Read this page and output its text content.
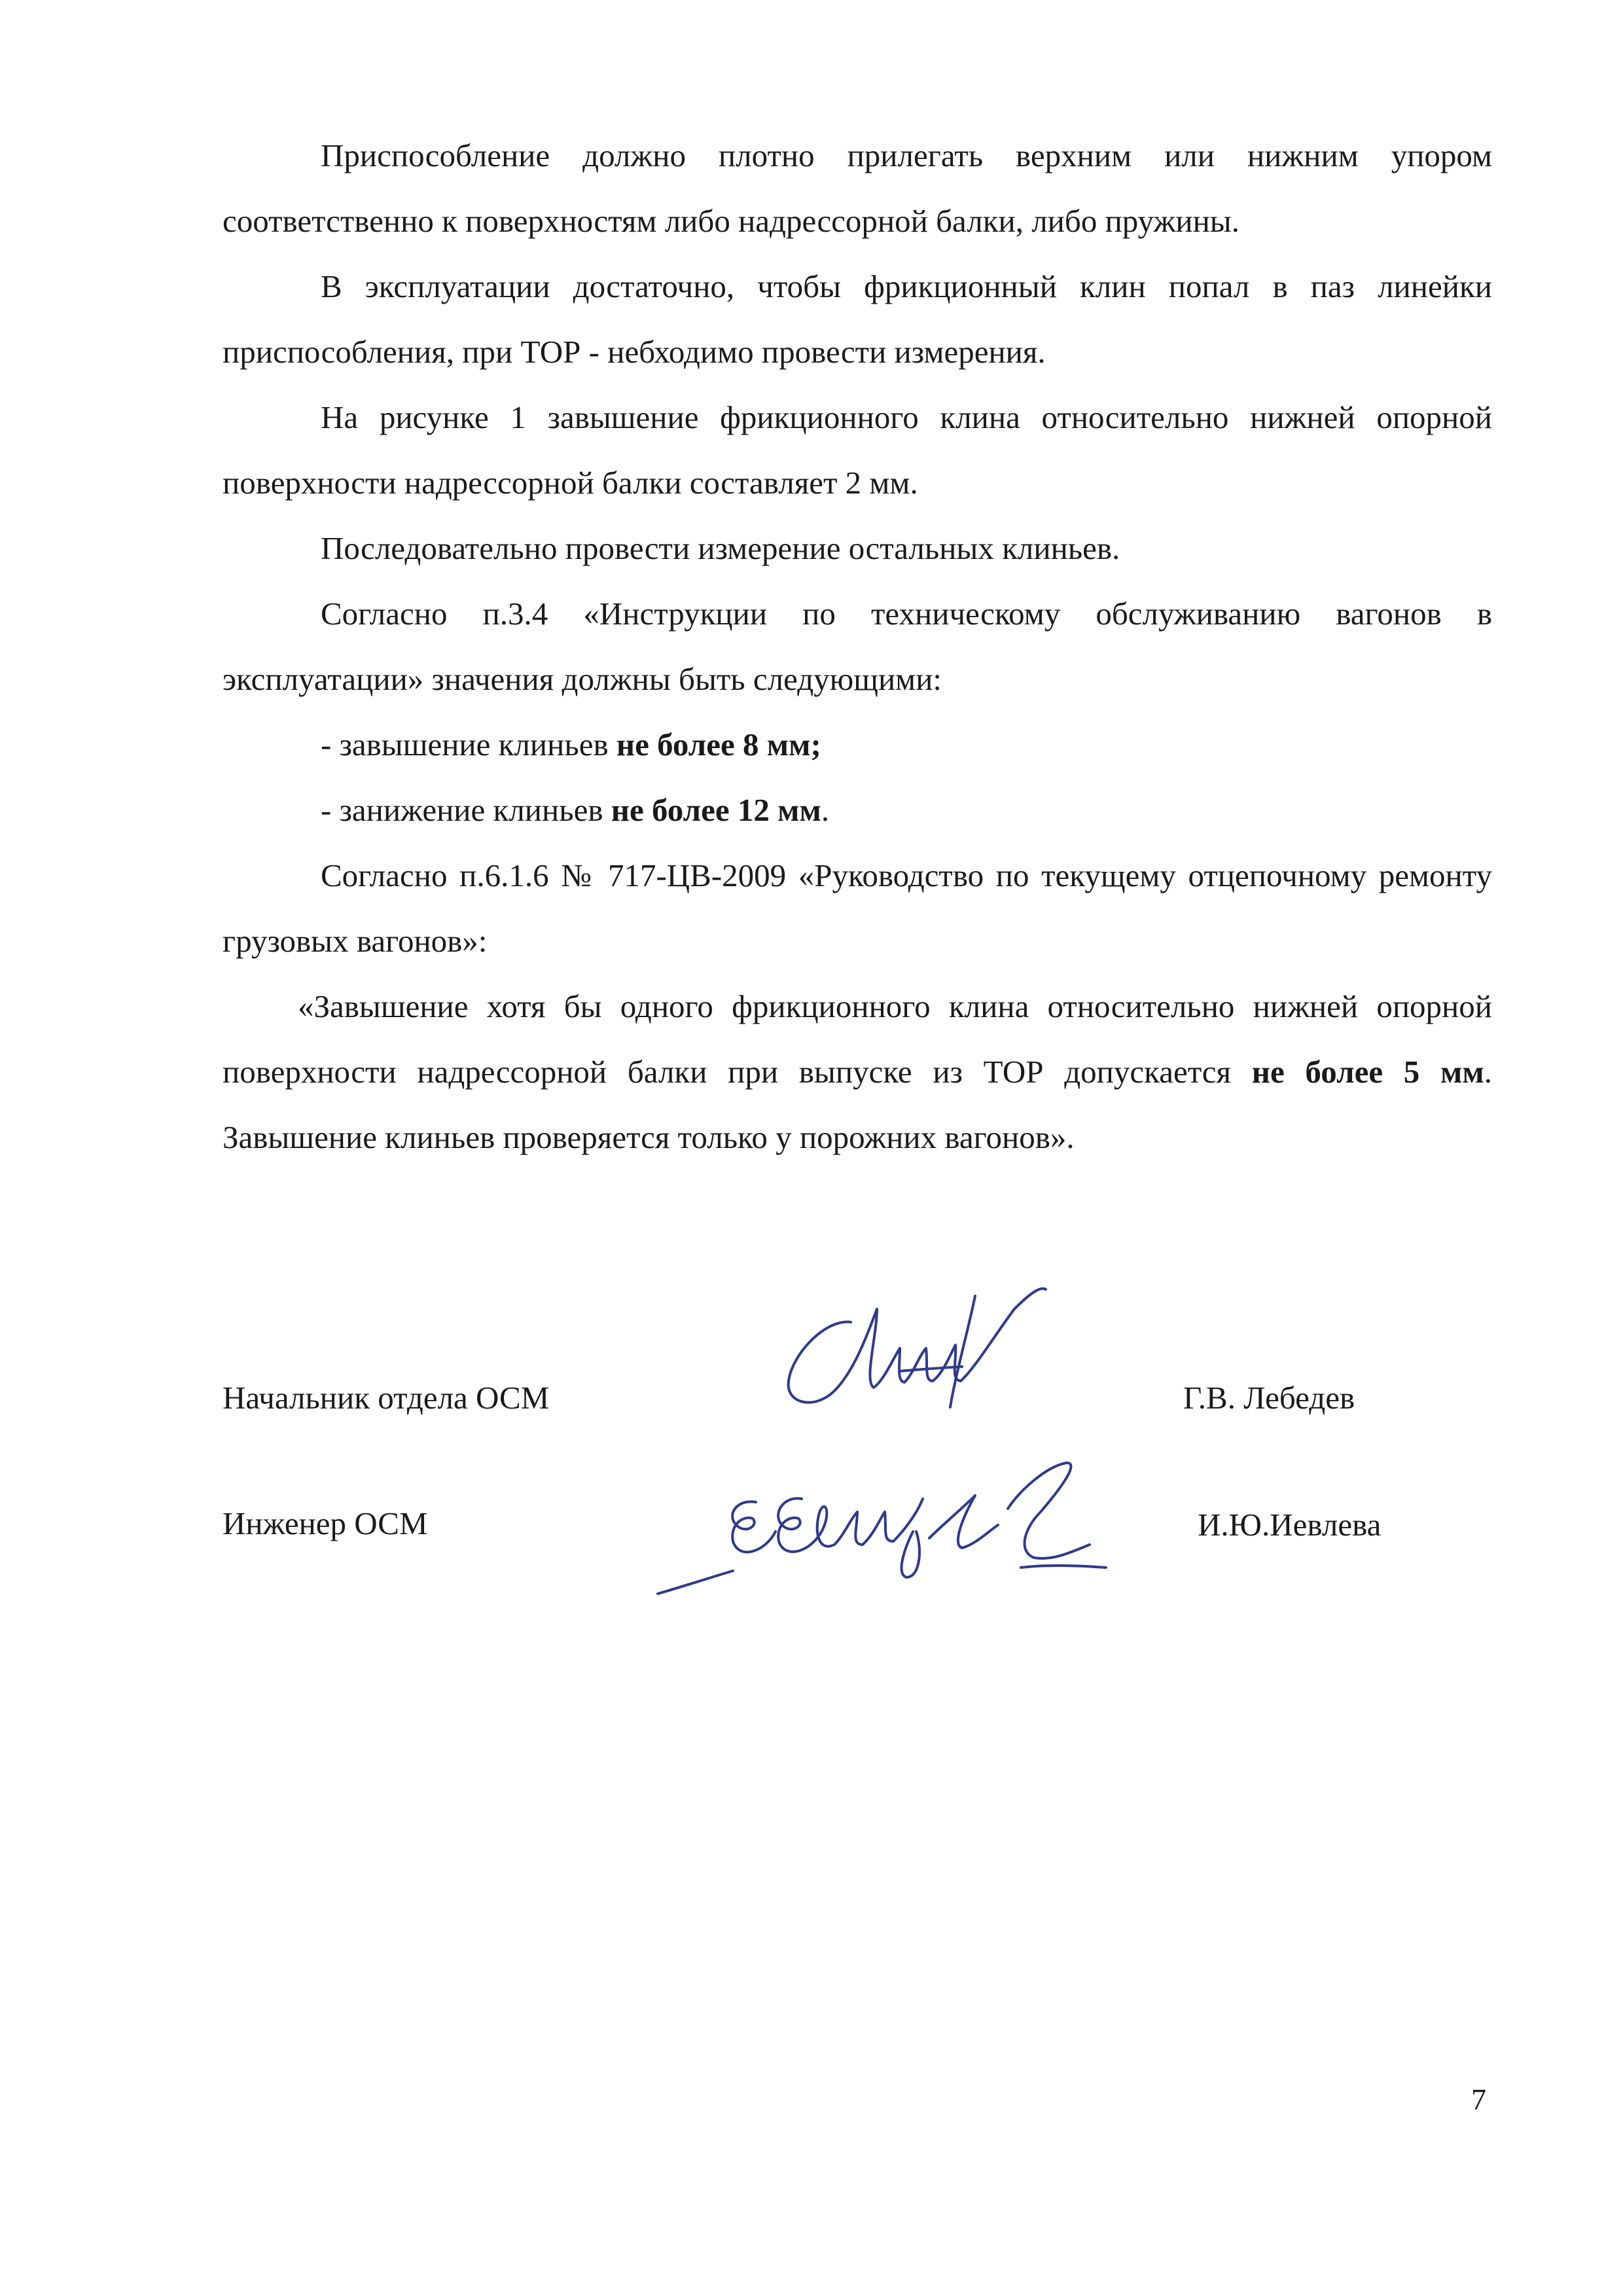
Приспособление должно плотно прилегать верхним или нижним упором соответственно к поверхностям либо надрессорной балки, либо пружины.

В эксплуатации достаточно, чтобы фрикционный клин попал в паз линейки приспособления, при ТОР - небходимо провести измерения.

На рисунке 1 завышение фрикционного клина относительно нижней опорной поверхности надрессорной балки составляет 2 мм.

Последовательно провести измерение остальных клиньев.

Согласно п.3.4 «Инструкции по техническому обслуживанию вагонов в эксплуатации» значения должны быть следующими:

- завышение клиньев не более 8 мм;

- занижение клиньев не более 12 мм.

Согласно п.6.1.6 № 717-ЦВ-2009 «Руководство по текущему отцепочному ремонту грузовых вагонов»:

«Завышение хотя бы одного фрикционного клина относительно нижней опорной поверхности надрессорной балки при выпуске из ТОР допускается не более 5 мм. Завышение клиньев проверяется только у порожних вагонов».

Начальник отдела ОСМ	Г.В. Лебедев
Инженер ОСМ	И.Ю.Иевлева
7
